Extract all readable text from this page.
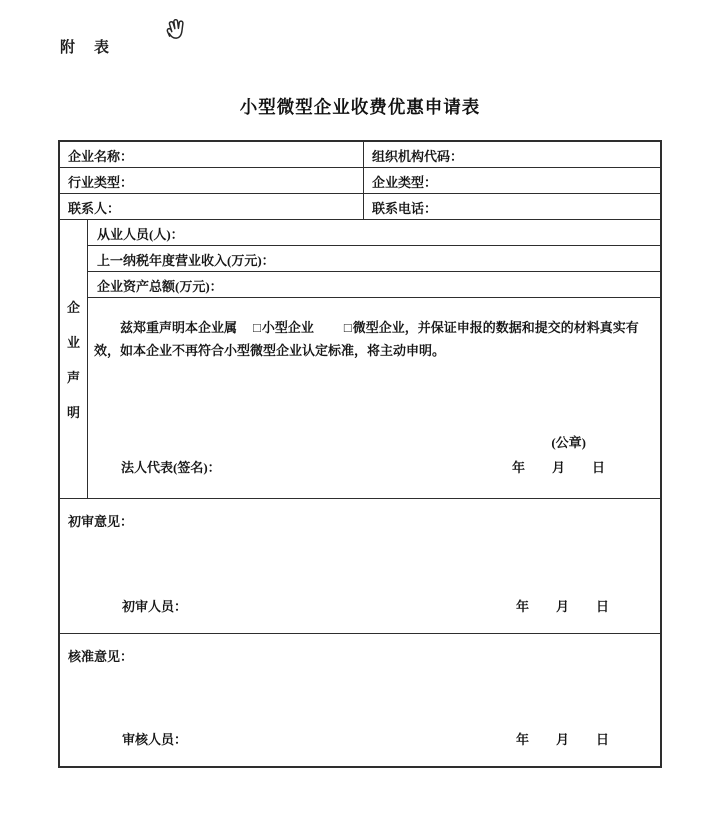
附　表
小型微型企业收费优惠申请表
企业名称：	组织机构代码：
行业类型：	企业类型：
联系人：	联系电话：
企
业
声
明
从业人员(人)：
上一纳税年度营业收入(万元)：
企业资产总额(万元)：

兹郑重声明本企业属 □小型企业 □微型企业，并保证申报的数据和提交的材料真实有效，如本企业不再符合小型微型企业认定标准，将主动申明。

(公章)
法人代表(签名)：	年 月 日
初审意见：
初审人员：	年 月 日
核准意见：
审核人员：	年 月 日
